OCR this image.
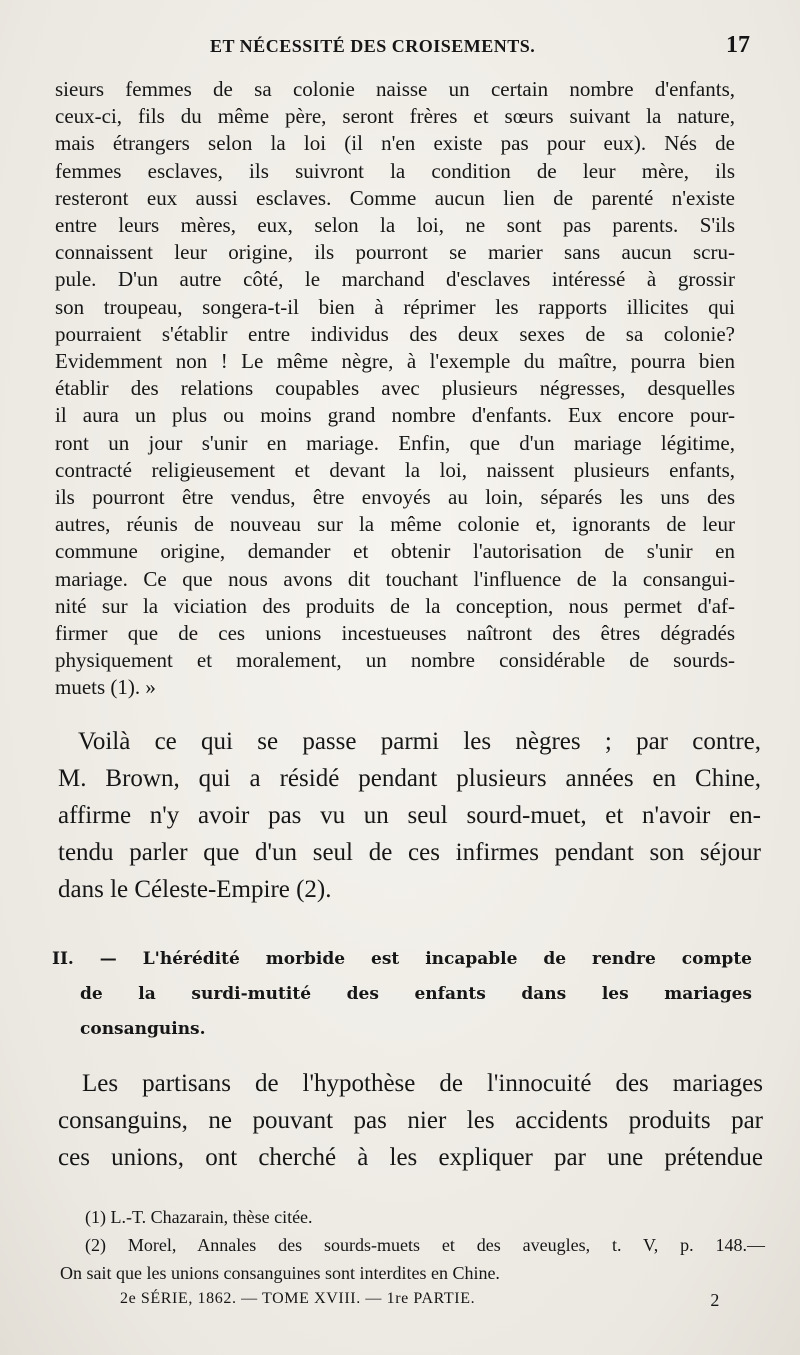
ET NÉCESSITÉ DES CROISEMENTS.	17
sieurs femmes de sa colonie naisse un certain nombre d'enfants,
ceux-ci, fils du même père, seront frères et sœurs suivant la nature,
mais étrangers selon la loi (il n'en existe pas pour eux). Nés de
femmes esclaves, ils suivront la condition de leur mère, ils
resteront eux aussi esclaves. Comme aucun lien de parenté n'existe
entre leurs mères, eux, selon la loi, ne sont pas parents. S'ils
connaissent leur origine, ils pourront se marier sans aucun scru-
pule. D'un autre côté, le marchand d'esclaves intéressé à grossir
son troupeau, songera-t-il bien à réprimer les rapports illicites qui
pourraient s'établir entre individus des deux sexes de sa colonie?
Evidemment non ! Le même nègre, à l'exemple du maître, pourra bien
établir des relations coupables avec plusieurs négresses, desquelles
il aura un plus ou moins grand nombre d'enfants. Eux encore pour-
ront un jour s'unir en mariage. Enfin, que d'un mariage légitime,
contracté religieusement et devant la loi, naissent plusieurs enfants,
ils pourront être vendus, être envoyés au loin, séparés les uns des
autres, réunis de nouveau sur la même colonie et, ignorants de leur
commune origine, demander et obtenir l'autorisation de s'unir en
mariage. Ce que nous avons dit touchant l'influence de la consangui-
nité sur la viciation des produits de la conception, nous permet d'af-
firmer que de ces unions incestueuses naîtront des êtres dégradés
physiquement et moralement, un nombre considérable de sourds-
muets (1). »
Voilà ce qui se passe parmi les nègres ; par contre,
M. Brown, qui a résidé pendant plusieurs années en Chine,
affirme n'y avoir pas vu un seul sourd-muet, et n'avoir en-
tendu parler que d'un seul de ces infirmes pendant son séjour
dans le Céleste-Empire (2).
II. — L'hérédité morbide est incapable de rendre compte
de la surdi-mutité des enfants dans les mariages
consanguins.
Les partisans de l'hypothèse de l'innocuité des mariages
consanguins, ne pouvant pas nier les accidents produits par
ces unions, ont cherché à les expliquer par une prétendue
(1) L.-T. Chazarain, thèse citée.
(2) Morel, Annales des sourds-muets et des aveugles, t. V, p. 148.—
On sait que les unions consanguines sont interdites en Chine.
2e SÉRIE, 1862. — TOME XVIII. — 1re PARTIE.	2
